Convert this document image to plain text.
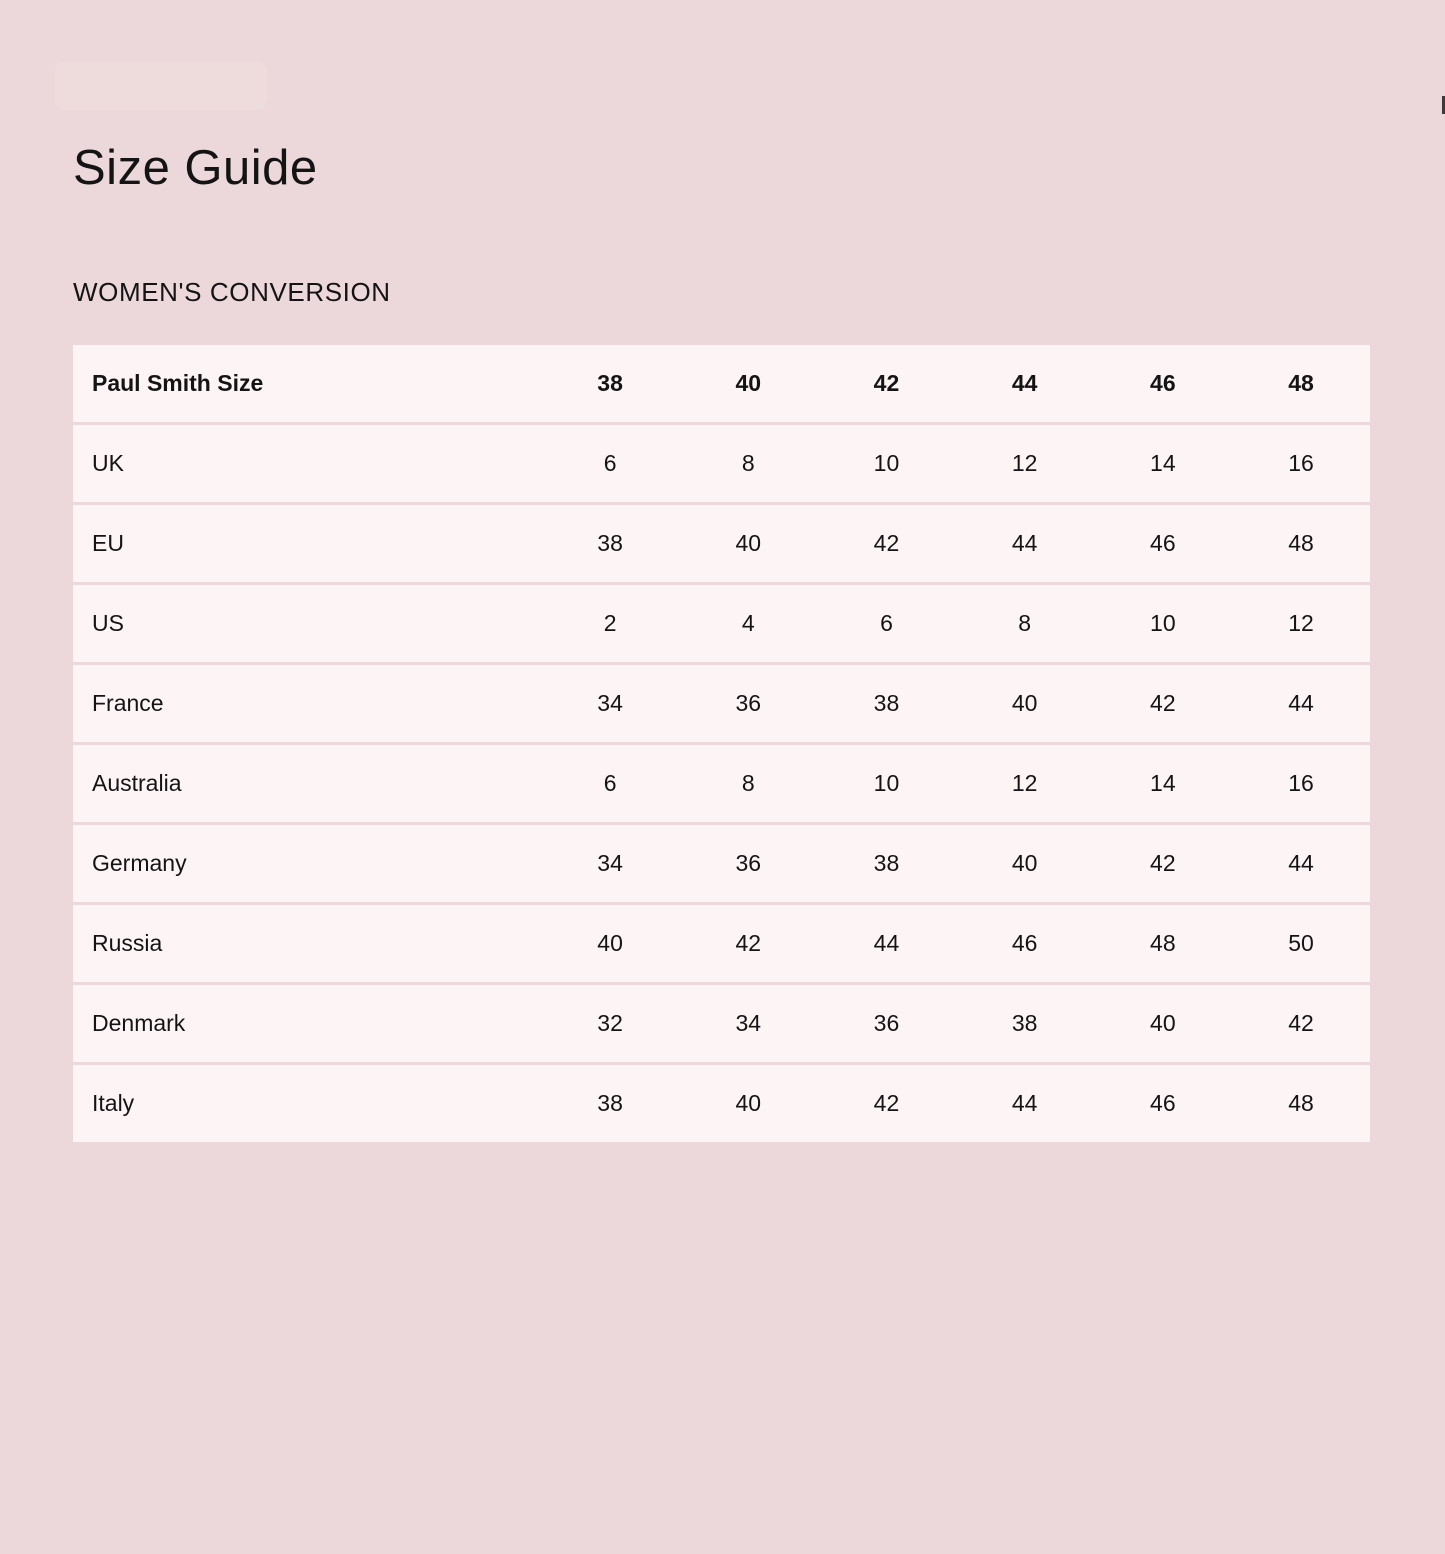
Size Guide
WOMEN'S CONVERSION
Paul Smith Size	38	40	42	44	46	48
UK	6	8	10	12	14	16
EU	38	40	42	44	46	48
US	2	4	6	8	10	12
France	34	36	38	40	42	44
Australia	6	8	10	12	14	16
Germany	34	36	38	40	42	44
Russia	40	42	44	46	48	50
Denmark	32	34	36	38	40	42
Italy	38	40	42	44	46	48
